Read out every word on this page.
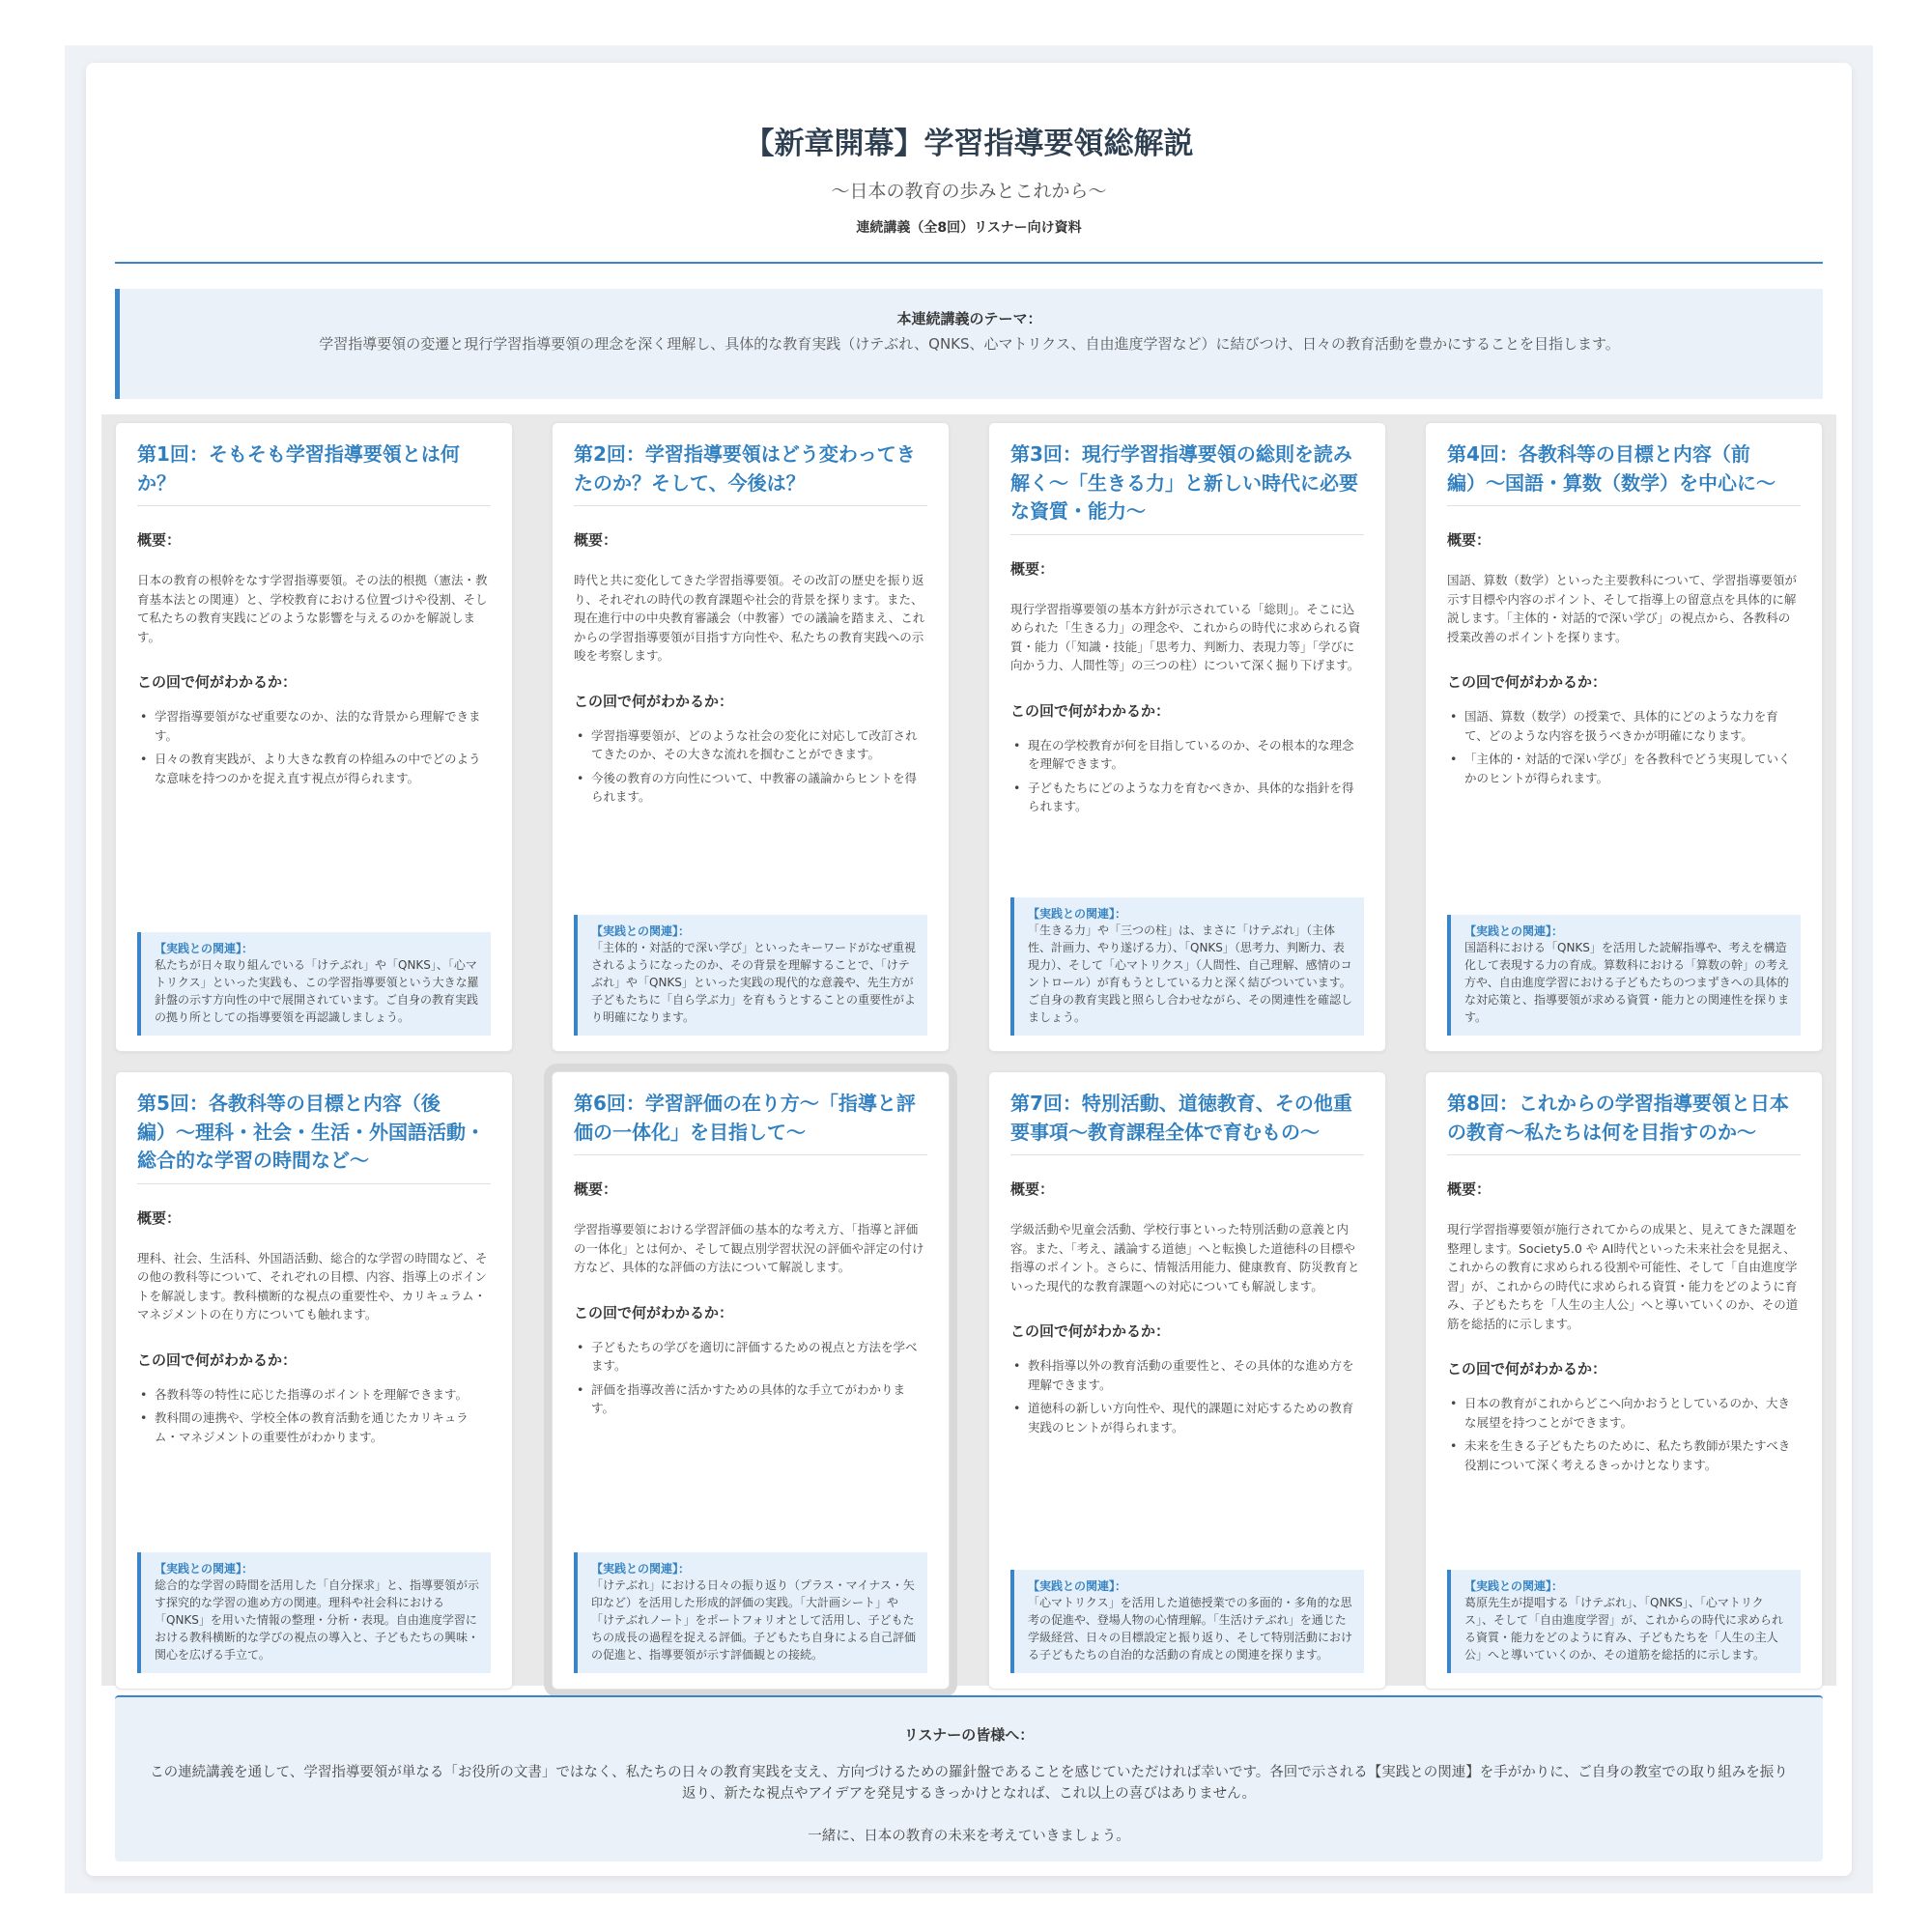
【新章開幕】学習指導要領総解説
〜日本の教育の歩みとこれから〜
連続講義（全8回）リスナー向け資料
本連続講義のテーマ：
学習指導要領の変遷と現行学習指導要領の理念を深く理解し、具体的な教育実践（けテぶれ、QNKS、心マトリクス、自由進度学習など）に結びつけ、日々の教育活動を豊かにすることを目指します。
第1回：そもそも学習指導要領とは何か？
概要：
日本の教育の根幹をなす学習指導要領。その法的根拠（憲法・教育基本法との関連）と、学校教育における位置づけや役割、そして私たちの教育実践にどのような影響を与えるのかを解説します。
この回で何がわかるか：
• 学習指導要領がなぜ重要なのか、法的な背景から理解できます。
• 日々の教育実践が、より大きな教育の枠組みの中でどのような意味を持つのかを捉え直す視点が得られます。
【実践との関連】：
私たちが日々取り組んでいる「けテぶれ」や「QNKS」、「心マトリクス」といった実践も、この学習指導要領という大きな羅針盤の示す方向性の中で展開されています。ご自身の教育実践の拠り所としての指導要領を再認識しましょう。
第2回：学習指導要領はどう変わってきたのか？そして、今後は？
概要：
時代と共に変化してきた学習指導要領。その改訂の歴史を振り返り、それぞれの時代の教育課題や社会的背景を探ります。また、現在進行中の中央教育審議会（中教審）での議論を踏まえ、これからの学習指導要領が目指す方向性や、私たちの教育実践への示唆を考察します。
この回で何がわかるか：
• 学習指導要領が、どのような社会の変化に対応して改訂されてきたのか、その大きな流れを掴むことができます。
• 今後の教育の方向性について、中教審の議論からヒントを得られます。
【実践との関連】：
「主体的・対話的で深い学び」といったキーワードがなぜ重視されるようになったのか、その背景を理解することで、「けテぶれ」や「QNKS」といった実践の現代的な意義や、先生方が子どもたちに「自ら学ぶ力」を育もうとすることの重要性がより明確になります。
第3回：現行学習指導要領の総則を読み解く〜「生きる力」と新しい時代に必要な資質・能力〜
概要：
現行学習指導要領の基本方針が示されている「総則」。そこに込められた「生きる力」の理念や、これからの時代に求められる資質・能力（「知識・技能」「思考力、判断力、表現力等」「学びに向かう力、人間性等」の三つの柱）について深く掘り下げます。
この回で何がわかるか：
• 現在の学校教育が何を目指しているのか、その根本的な理念を理解できます。
• 子どもたちにどのような力を育むべきか、具体的な指針を得られます。
【実践との関連】：
「生きる力」や「三つの柱」は、まさに「けテぶれ」（主体性、計画力、やり遂げる力）、「QNKS」（思考力、判断力、表現力）、そして「心マトリクス」（人間性、自己理解、感情のコントロール）が育もうとしている力と深く結びついています。ご自身の教育実践と照らし合わせながら、その関連性を確認しましょう。
第4回：各教科等の目標と内容（前編）〜国語・算数（数学）を中心に〜
概要：
国語、算数（数学）といった主要教科について、学習指導要領が示す目標や内容のポイント、そして指導上の留意点を具体的に解説します。「主体的・対話的で深い学び」の視点から、各教科の授業改善のポイントを探ります。
この回で何がわかるか：
• 国語、算数（数学）の授業で、具体的にどのような力を育て、どのような内容を扱うべきかが明確になります。
• 「主体的・対話的で深い学び」を各教科でどう実現していくかのヒントが得られます。
【実践との関連】：
国語科における「QNKS」を活用した読解指導や、考えを構造化して表現する力の育成。算数科における「算数の幹」の考え方や、自由進度学習における子どもたちのつまずきへの具体的な対応策と、指導要領が求める資質・能力との関連性を探ります。
第5回：各教科等の目標と内容（後編）〜理科・社会・生活・外国語活動・総合的な学習の時間など〜
概要：
理科、社会、生活科、外国語活動、総合的な学習の時間など、その他の教科等について、それぞれの目標、内容、指導上のポイントを解説します。教科横断的な視点の重要性や、カリキュラム・マネジメントの在り方についても触れます。
この回で何がわかるか：
• 各教科等の特性に応じた指導のポイントを理解できます。
• 教科間の連携や、学校全体の教育活動を通じたカリキュラム・マネジメントの重要性がわかります。
【実践との関連】：
総合的な学習の時間を活用した「自分探求」と、指導要領が示す探究的な学習の進め方の関連。理科や社会科における「QNKS」を用いた情報の整理・分析・表現。自由進度学習における教科横断的な学びの視点の導入と、子どもたちの興味・関心を広げる手立て。
第6回：学習評価の在り方〜「指導と評価の一体化」を目指して〜
概要：
学習指導要領における学習評価の基本的な考え方、「指導と評価の一体化」とは何か、そして観点別学習状況の評価や評定の付け方など、具体的な評価の方法について解説します。
この回で何がわかるか：
• 子どもたちの学びを適切に評価するための視点と方法を学べます。
• 評価を指導改善に活かすための具体的な手立てがわかります。
【実践との関連】：
「けテぶれ」における日々の振り返り（プラス・マイナス・矢印など）を活用した形成的評価の実践。「大計画シート」や「けテぶれノート」をポートフォリオとして活用し、子どもたちの成長の過程を捉える評価。子どもたち自身による自己評価の促進と、指導要領が示す評価観との接続。
第7回：特別活動、道徳教育、その他重要事項〜教育課程全体で育むもの〜
概要：
学級活動や児童会活動、学校行事といった特別活動の意義と内容。また、「考え、議論する道徳」へと転換した道徳科の目標や指導のポイント。さらに、情報活用能力、健康教育、防災教育といった現代的な教育課題への対応についても解説します。
この回で何がわかるか：
• 教科指導以外の教育活動の重要性と、その具体的な進め方を理解できます。
• 道徳科の新しい方向性や、現代的課題に対応するための教育実践のヒントが得られます。
【実践との関連】：
「心マトリクス」を活用した道徳授業での多面的・多角的な思考の促進や、登場人物の心情理解。「生活けテぶれ」を通じた学級経営、日々の目標設定と振り返り、そして特別活動における子どもたちの自治的な活動の育成との関連を探ります。
第8回：これからの学習指導要領と日本の教育〜私たちは何を目指すのか〜
概要：
現行学習指導要領が施行されてからの成果と、見えてきた課題を整理します。Society5.0 や AI時代といった未来社会を見据え、これからの教育に求められる役割や可能性、そして「自由進度学習」が、これからの時代に求められる資質・能力をどのように育み、子どもたちを「人生の主人公」へと導いていくのか、その道筋を総括的に示します。
この回で何がわかるか：
• 日本の教育がこれからどこへ向かおうとしているのか、大きな展望を持つことができます。
• 未来を生きる子どもたちのために、私たち教師が果たすべき役割について深く考えるきっかけとなります。
【実践との関連】：
葛原先生が提唱する「けテぶれ」、「QNKS」、「心マトリクス」、そして「自由進度学習」が、これからの時代に求められる資質・能力をどのように育み、子どもたちを「人生の主人公」へと導いていくのか、その道筋を総括的に示します。
リスナーの皆様へ：
この連続講義を通して、学習指導要領が単なる「お役所の文書」ではなく、私たちの日々の教育実践を支え、方向づけるための羅針盤であることを感じていただければ幸いです。各回で示される【実践との関連】を手がかりに、ご自身の教室での取り組みを振り返り、新たな視点やアイデアを発見するきっかけとなれば、これ以上の喜びはありません。
一緒に、日本の教育の未来を考えていきましょう。
